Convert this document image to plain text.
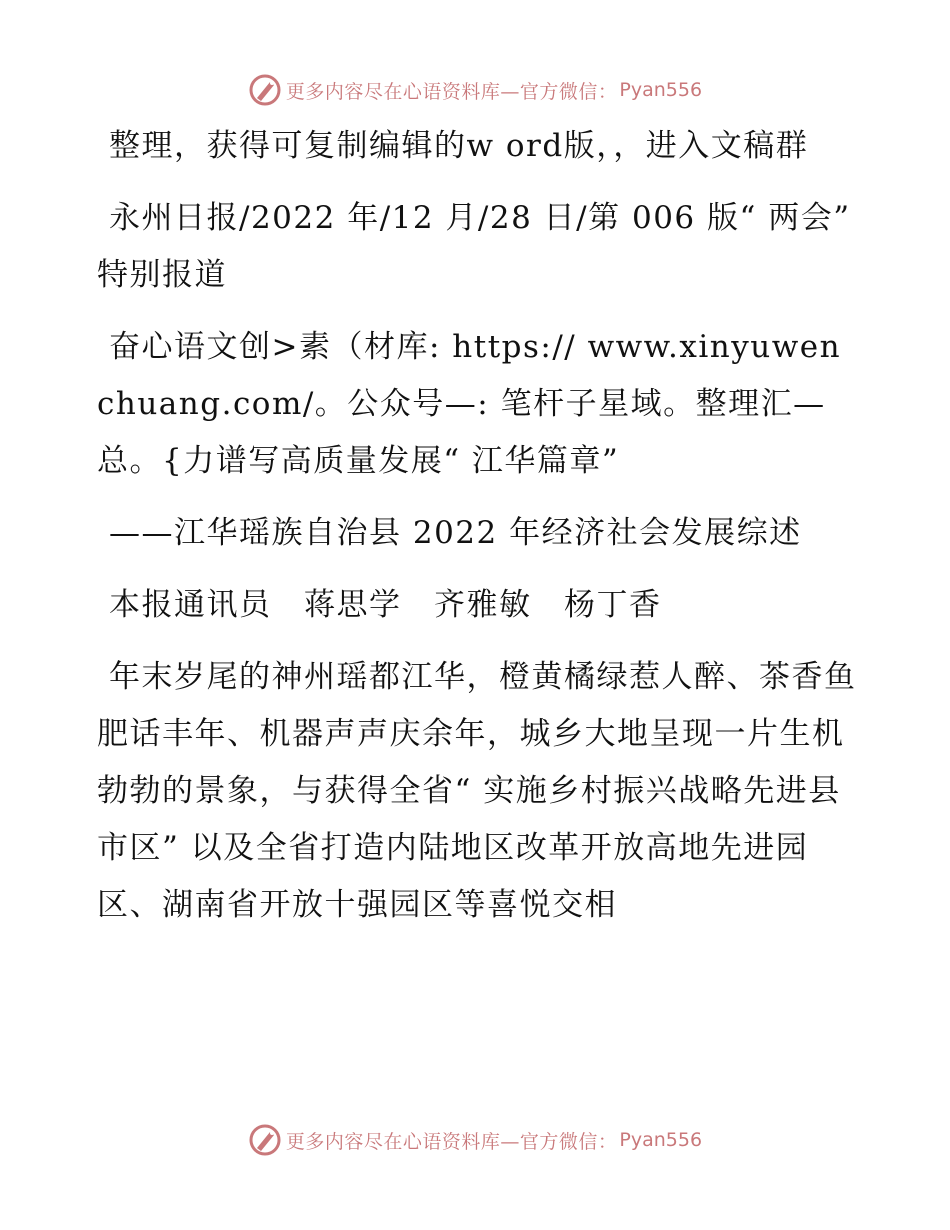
更多内容尽在心语资料库—官方微信： Pyan556

整理，获得可复制编辑的w ord版，，进入文稿群

永州日报/2022 年/12 月/28 日/第 006 版“ 两会” 特别报道

奋心语文创>素（材库: https:// www.xinyuwenchuang.com/。公众号—: 笔杆子星域。整理汇—总。{力谱写高质量发展“ 江华篇章”

——江华瑶族自治县 2022 年经济社会发展综述

本报通讯员　蒋思学　齐雅敏　杨丁香

年末岁尾的神州瑶都江华，橙黄橘绿惹人醉、茶香鱼肥话丰年、机器声声庆余年，城乡大地呈现一片生机勃勃的景象，与获得全省“ 实施乡村振兴战略先进县市区” 以及全省打造内陆地区改革开放高地先进园区、湖南省开放十强园区等喜悦交相

更多内容尽在心语资料库—官方微信： Pyan556
